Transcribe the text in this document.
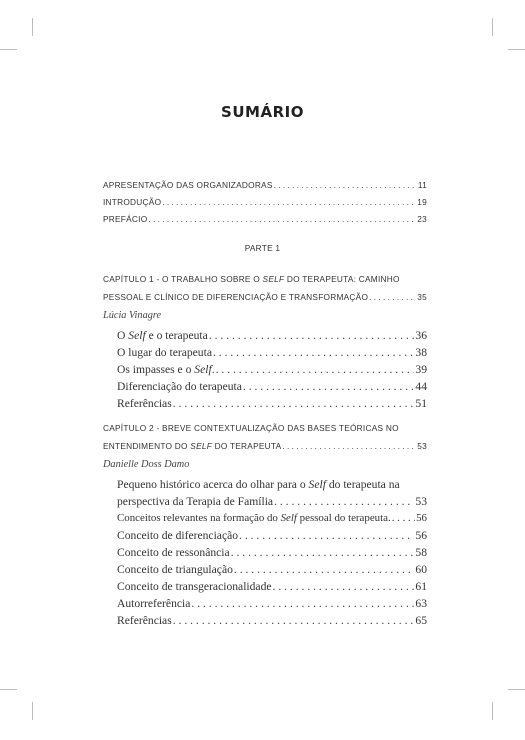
SUMÁRIO
APRESENTAÇÃO DAS ORGANIZADORAS . . .	11
INTRODUÇÃO . . .	19
PREFÁCIO . . .	23
PARTE 1
CAPÍTULO 1 - O TRABALHO SOBRE O SELF DO TERAPEUTA: CAMINHO
PESSOAL E CLÍNICO DE DIFERENCIAÇÃO E TRANSFORMAÇÃO . . .	35
Lúcia Vinagre
O Self e o terapeuta . . .	36
O lugar do terapeuta . . .	38
Os impasses e o Self. . . .	39
Diferenciação do terapeuta . . .	44
Referências . . .	51
CAPÍTULO 2 - BREVE CONTEXTUALIZAÇÃO DAS BASES TEÓRICAS NO
ENTENDIMENTO DO SELF DO TERAPEUTA . . .	53
Danielle Doss Damo
Pequeno histórico acerca do olhar para o Self do terapeuta na
perspectiva da Terapia de Família . . .	53
Conceitos relevantes na formação do Self pessoal do terapeuta. . . . 56
Conceito de diferenciação . . .	56
Conceito de ressonância . . .	58
Conceito de triangulação . . .	60
Conceito de transgeracionalidade . . .	61
Autorreferência . . .	63
Referências . . .	65
